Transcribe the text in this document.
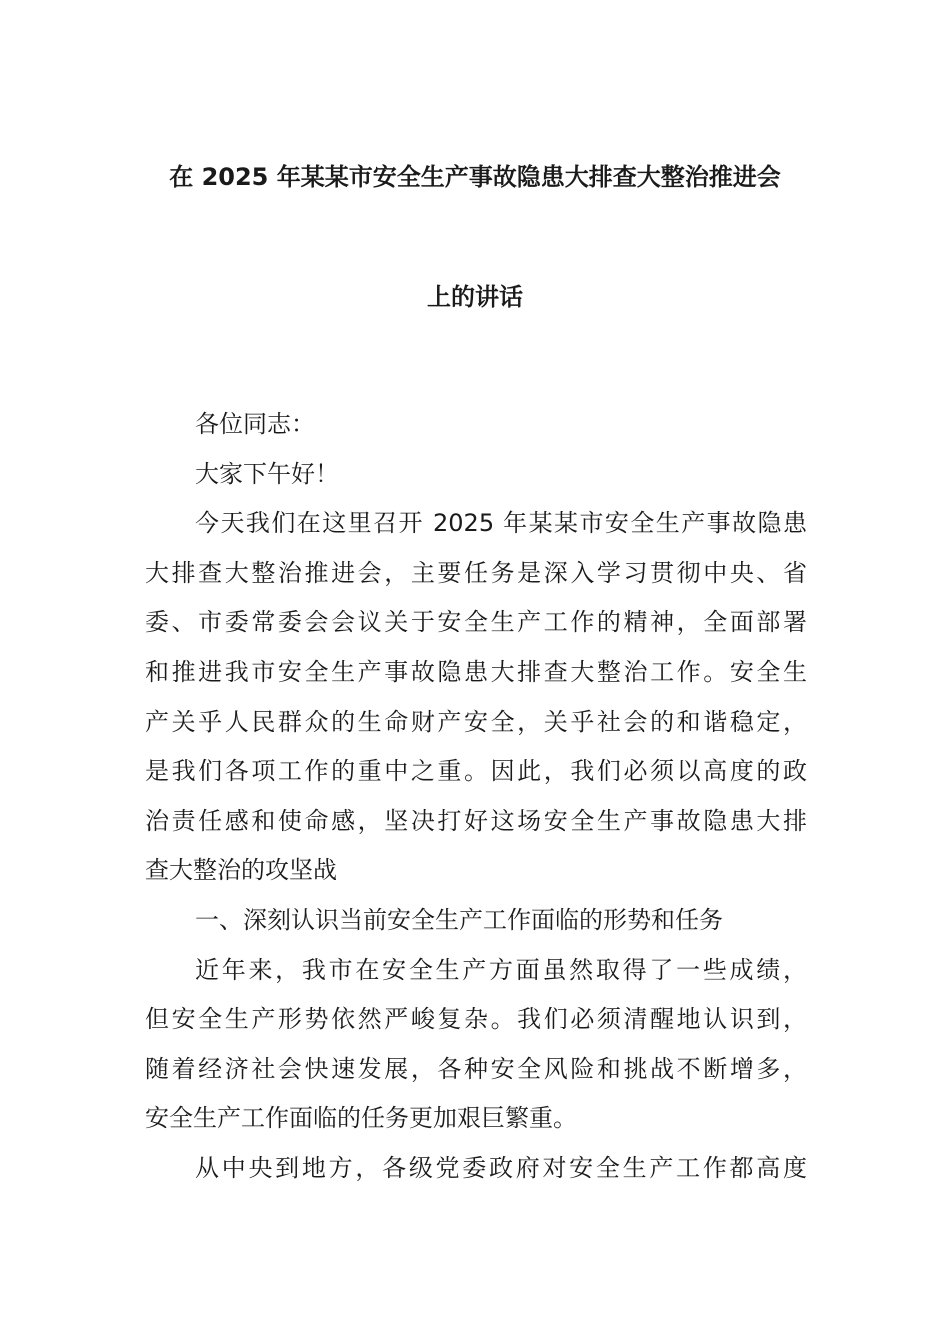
在 2025 年某某市安全生产事故隐患大排查大整治推进会
上的讲话
各位同志：
大家下午好！
今天我们在这里召开 2025 年某某市安全生产事故隐患
大排查大整治推进会，主要任务是深入学习贯彻中央、省
委、市委常委会会议关于安全生产工作的精神，全面部署
和推进我市安全生产事故隐患大排查大整治工作。安全生
产关乎人民群众的生命财产安全，关乎社会的和谐稳定，
是我们各项工作的重中之重。因此，我们必须以高度的政
治责任感和使命感，坚决打好这场安全生产事故隐患大排
查大整治的攻坚战
一、深刻认识当前安全生产工作面临的形势和任务
近年来，我市在安全生产方面虽然取得了一些成绩，
但安全生产形势依然严峻复杂。我们必须清醒地认识到，
随着经济社会快速发展，各种安全风险和挑战不断增多，
安全生产工作面临的任务更加艰巨繁重。
从中央到地方，各级党委政府对安全生产工作都高度
